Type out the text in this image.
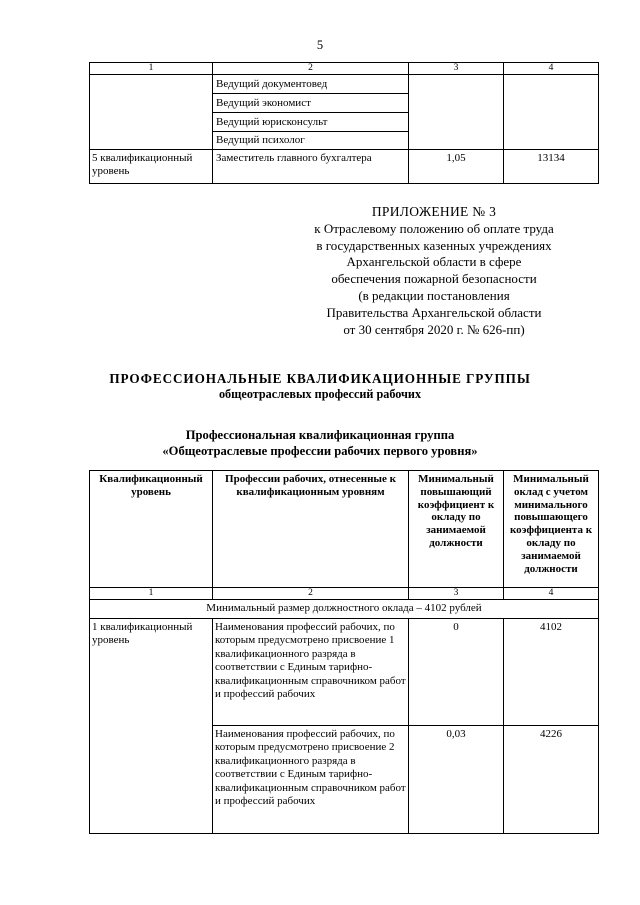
5
1	2	3	4
	Ведущий документовед		
	Ведущий экономист		
	Ведущий юрисконсульт		
	Ведущий психолог		
5 квалификационный уровень	Заместитель главного бухгалтера	1,05	13134
ПРИЛОЖЕНИЕ № 3
к Отраслевому положению об оплате труда
в государственных казенных учреждениях
Архангельской области в сфере
обеспечения пожарной безопасности
(в редакции постановления
Правительства Архангельской области
от 30 сентября 2020 г. № 626-пп)
ПРОФЕССИОНАЛЬНЫЕ КВАЛИФИКАЦИОННЫЕ ГРУППЫ
общеотраслевых профессий рабочих
Профессиональная квалификационная группа
«Общеотраслевые профессии рабочих первого уровня»
Квалификационный уровень	Профессии рабочих, отнесенные к квалификационным уровням	Минимальный повышающий коэффициент к окладу по занимаемой должности	Минимальный оклад с учетом минимального повышающего коэффициента к окладу по занимаемой должности
1	2	3	4
Минимальный размер должностного оклада – 4102 рублей			
1 квалификационный уровень	Наименования профессий рабочих, по которым предусмотрено присвоение 1 квалификационного разряда в соответствии с Единым тарифно-квалификационным справочником работ и профессий рабочих	0	4102
	Наименования профессий рабочих, по которым предусмотрено присвоение 2 квалификационного разряда в соответствии с Единым тарифно-квалификационным справочником работ и профессий рабочих	0,03	4226
